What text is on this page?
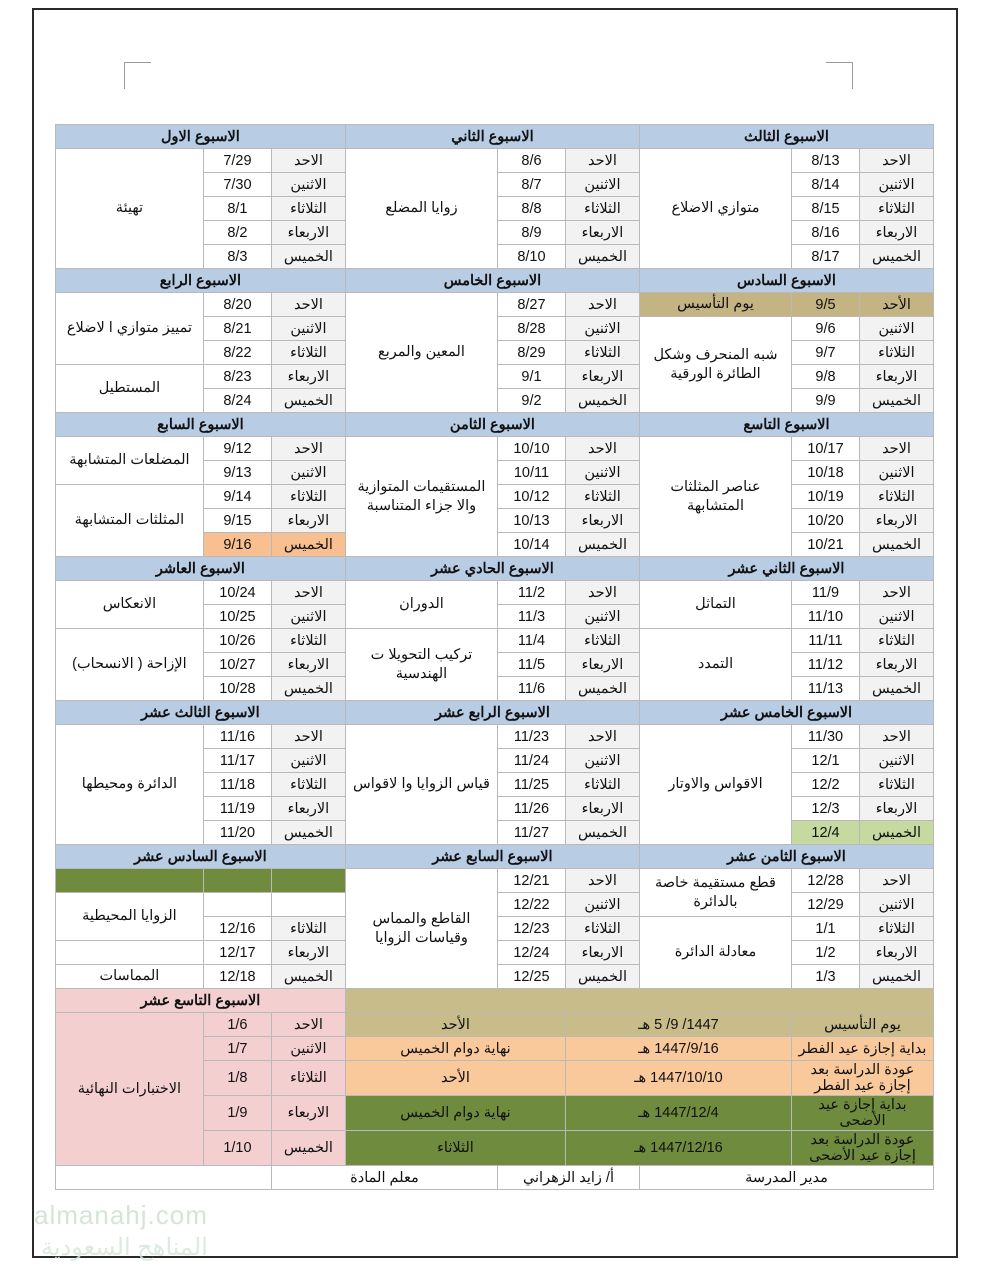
الاسبوع الثالث			الاسبوع الثاني			الاسبوع الاول		
الاحد	8/13	متوازي الاضلاع	الاحد	8/6	زوايا المضلع	الاحد	7/29	تهيئة
الاثنين	8/14		الاثنين	8/7		الاثنين	7/30	
الثلاثاء	8/15		الثلاثاء	8/8		الثلاثاء	8/1	
الاربعاء	8/16		الاربعاء	8/9		الاربعاء	8/2	
الخميس	8/17		الخميس	8/10		الخميس	8/3	
الاسبوع السادس			الاسبوع الخامس			الاسبوع الرابع		
الأحد	9/5	يوم التأسيس	الاحد	8/27	المعين والمربع	الاحد	8/20	تمييز متوازي ا لاضلاع
الاثنين	9/6	شبه المنحرف وشكل الطائرة الورقية	الاثنين	8/28		الاثنين	8/21	
الثلاثاء	9/7		الثلاثاء	8/29		الثلاثاء	8/22	
الاربعاء	9/8		الاربعاء	9/1		الاربعاء	8/23	المستطيل
الخميس	9/9		الخميس	9/2		الخميس	8/24	
الاسبوع التاسع			الاسبوع الثامن			الاسبوع السابع		
الاحد	10/17	عناصر المثلثات المتشابهة	الاحد	10/10	المستقيمات المتوازية والا جزاء المتناسبة	الاحد	9/12	المضلعات المتشابهة
الاثنين	10/18		الاثنين	10/11		الاثنين	9/13	
الثلاثاء	10/19		الثلاثاء	10/12		الثلاثاء	9/14	المثلثات المتشابهة
الاربعاء	10/20		الاربعاء	10/13		الاربعاء	9/15	
الخميس	10/21		الخميس	10/14		الخميس	9/16	
الاسبوع الثاني عشر			الاسبوع الحادي عشر			الاسبوع العاشر		
الاحد	11/9	التماثل	الاحد	11/2	الدوران	الاحد	10/24	الانعكاس
الاثنين	11/10		الاثنين	11/3		الاثنين	10/25	
الثلاثاء	11/11	التمدد	الثلاثاء	11/4	تركيب التحويلا ت الهندسية	الثلاثاء	10/26	الإزاحة ( الانسحاب)
الاربعاء	11/12		الاربعاء	11/5		الاربعاء	10/27	
الخميس	11/13		الخميس	11/6		الخميس	10/28	
الاسبوع الخامس عشر			الاسبوع الرابع عشر			الاسبوع الثالث عشر		
الاحد	11/30	الاقواس والاوتار	الاحد	11/23	قياس الزوايا وا لاقواس	الاحد	11/16	الدائرة ومحيطها
الاثنين	12/1		الاثنين	11/24		الاثنين	11/17	
الثلاثاء	12/2		الثلاثاء	11/25		الثلاثاء	11/18	
الاربعاء	12/3		الاربعاء	11/26		الاربعاء	11/19	
الخميس	12/4		الخميس	11/27		الخميس	11/20	
الاسبوع الثامن عشر			الاسبوع السابع عشر			الاسبوع السادس عشر		
الاحد	12/28	قطع مستقيمة خاصة بالدائرة	الاحد	12/21	القاطع والمماس وقياسات الزوايا			
الاثنين	12/29		الاثنين	12/22				الزوايا المحيطية
الثلاثاء	1/1	معادلة الدائرة	الثلاثاء	12/23		الثلاثاء	12/16	
الاربعاء	1/2		الاربعاء	12/24		الاربعاء	12/17	
الخميس	1/3		الخميس	12/25		الخميس	12/18	المماسات
						الاسبوع التاسع عشر		
يوم التأسيس		1447/ 9/ 5 هـ		الأحد		الاحد	1/6	الاختبارات النهائية
بداية إجازة عيد الفطر		1447/9/16 هـ		نهاية دوام الخميس		الاثنين	1/7	
عودة الدراسة بعد إجازة عيد الفطر		1447/10/10 هـ		الأحد		الثلاثاء	1/8	
بداية إجازة عيد الأضحى		1447/12/4 هـ		نهاية دوام الخميس		الاربعاء	1/9	
عودة الدراسة بعد إجازة عيد الأضحى		1447/12/16 هـ		الثلاثاء		الخميس	1/10	
مدير المدرسة			أ/ زايد الزهراني		معلم المادة			
almanahj.com
المناهج السعودية
